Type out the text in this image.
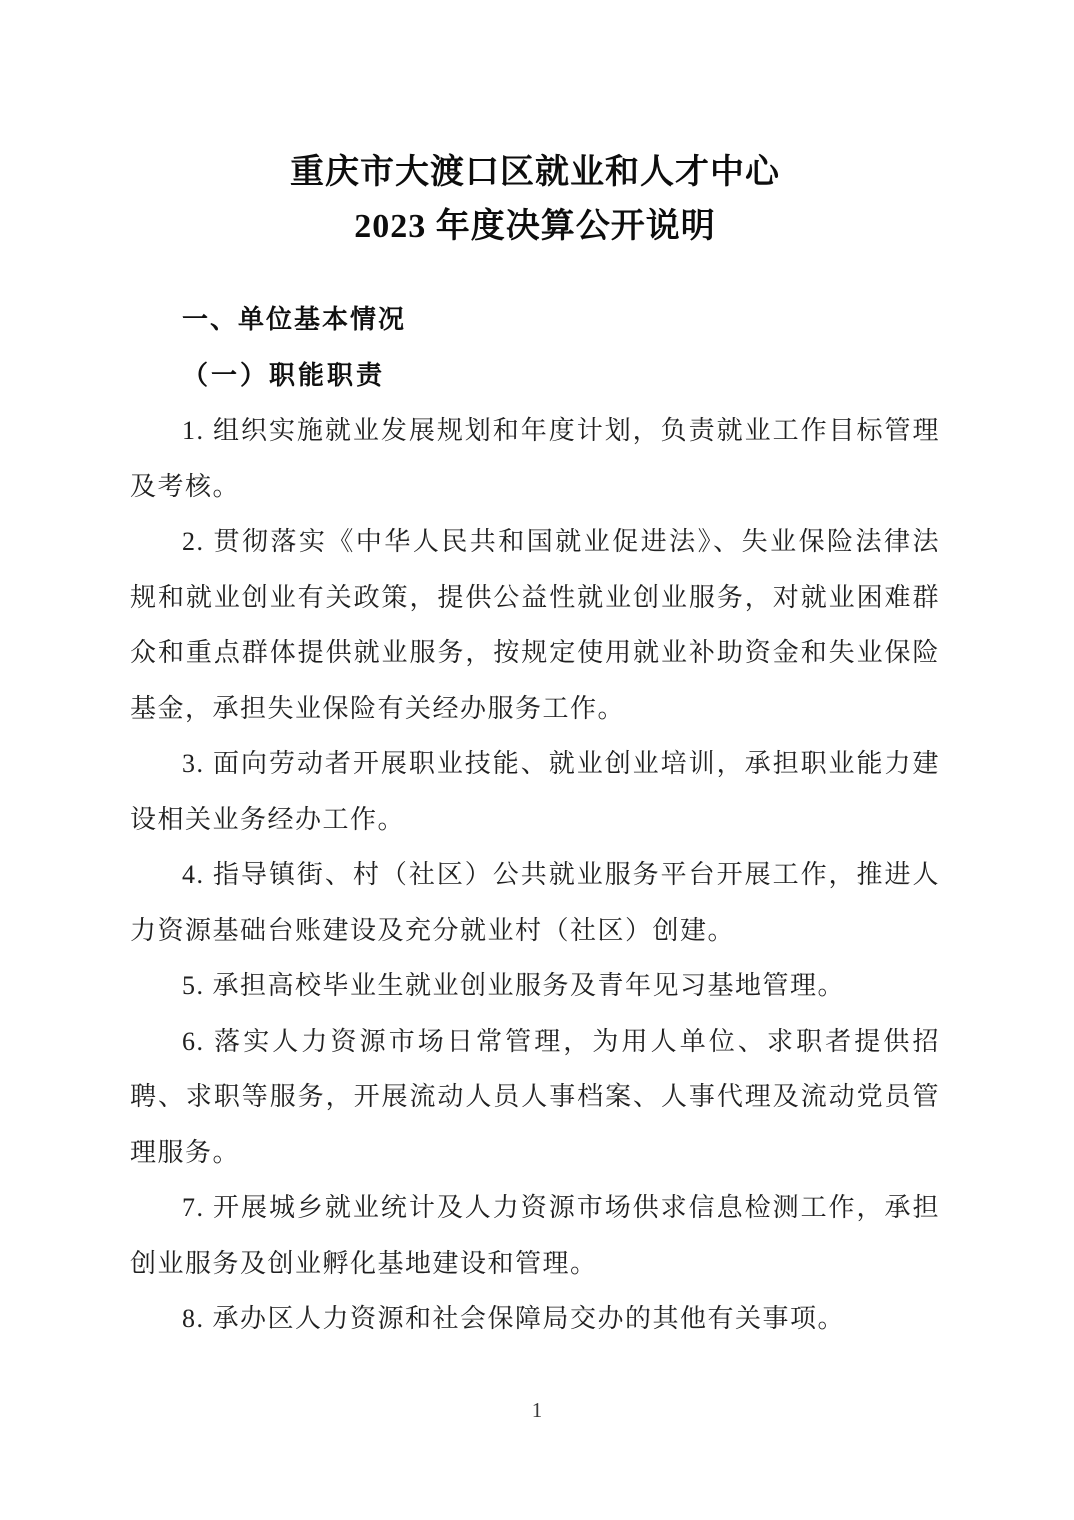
重庆市大渡口区就业和人才中心
2023 年度决算公开说明
一、单位基本情况
（一）职能职责

1. 组织实施就业发展规划和年度计划，负责就业工作目标管理及考核。

2. 贯彻落实《中华人民共和国就业促进法》、失业保险法律法规和就业创业有关政策，提供公益性就业创业服务，对就业困难群众和重点群体提供就业服务，按规定使用就业补助资金和失业保险基金，承担失业保险有关经办服务工作。

3. 面向劳动者开展职业技能、就业创业培训，承担职业能力建设相关业务经办工作。

4. 指导镇街、村（社区）公共就业服务平台开展工作，推进人力资源基础台账建设及充分就业村（社区）创建。

5. 承担高校毕业生就业创业服务及青年见习基地管理。

6. 落实人力资源市场日常管理，为用人单位、求职者提供招聘、求职等服务，开展流动人员人事档案、人事代理及流动党员管理服务。

7. 开展城乡就业统计及人力资源市场供求信息检测工作，承担创业服务及创业孵化基地建设和管理。

8. 承办区人力资源和社会保障局交办的其他有关事项。

1
